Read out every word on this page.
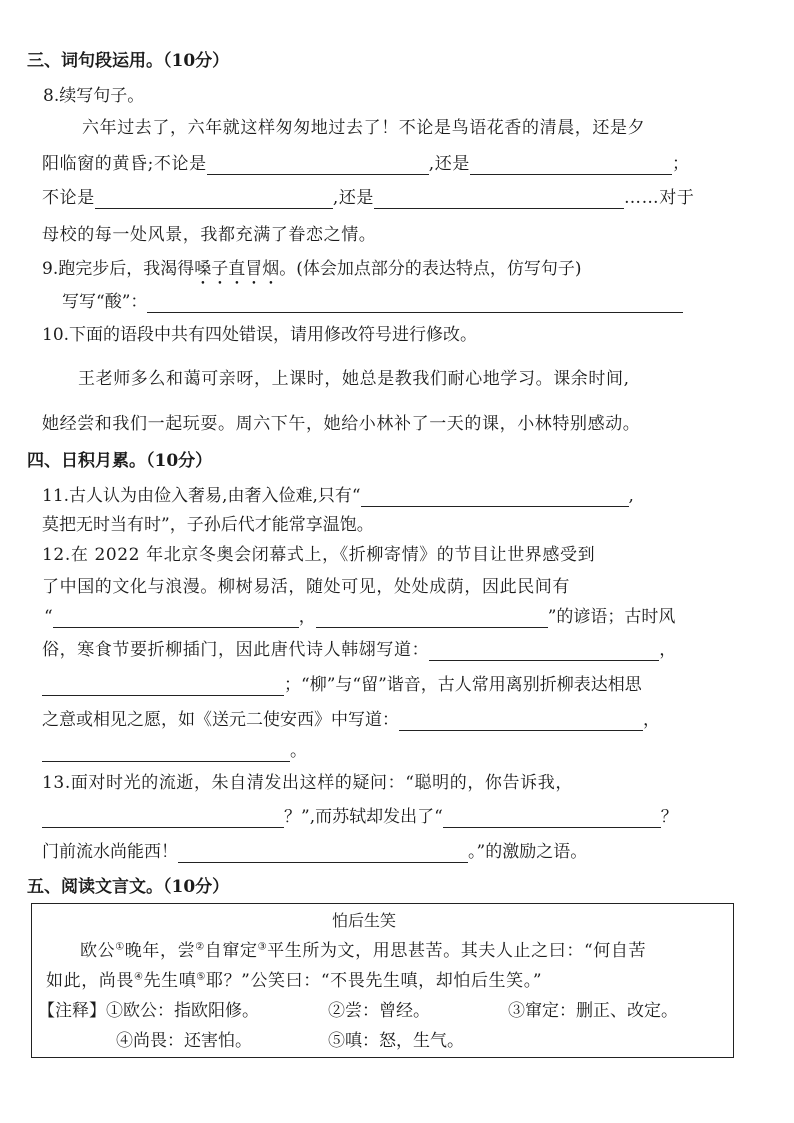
三、词句段运用。（10分）
8.续写句子。
六年过去了，六年就这样匆匆地过去了！不论是鸟语花香的清晨，还是夕
阳临窗的黄昏;不论是	,还是	；
不论是	,还是	……对于
母校的每一处风景，我都充满了眷恋之情。
9.跑完步后，我渴得嗓子直冒烟。(体会加点部分的表达特点，仿写句子)
写写“酸”：
10.下面的语段中共有四处错误，请用修改符号进行修改。
王老师多么和蔼可亲呀，上课时，她总是教我们耐心地学习。课余时间,
她经尝和我们一起玩耍。周六下午，她给小林补了一天的课，小林特别感动。
四、日积月累。（10分）
11.古人认为由俭入奢易,由奢入俭难,只有“	,
莫把无时当有时”，子孙后代才能常享温饱。
12.在 2022 年北京冬奥会闭幕式上，《折柳寄情》的节目让世界感受到
了中国的文化与浪漫。柳树易活，随处可见，处处成荫，因此民间有
“	，	”的谚语；古时风
俗，寒食节要折柳插门，因此唐代诗人韩翃写道：	，
；“柳”与“留”谐音，古人常用离别折柳表达相思
之意或相见之愿，如《送元二使安西》中写道：	，
。
13.面对时光的流逝，朱自清发出这样的疑问：“聪明的，你告诉我，
？”,而苏轼却发出了“	？
门前流水尚能西！	。”的激励之语。
五、阅读文言文。（10分）
怕后生笑
欧公①晚年，尝②自窜定③平生所为文，用思甚苦。其夫人止之曰：“何自苦
如此，尚畏④先生嗔⑤耶？”公笑曰：“不畏先生嗔，却怕后生笑。”
【注释】①欧公：指欧阳修。	②尝：曾经。	③窜定：删正、改定。
④尚畏：还害怕。	⑤嗔：怒，生气。
